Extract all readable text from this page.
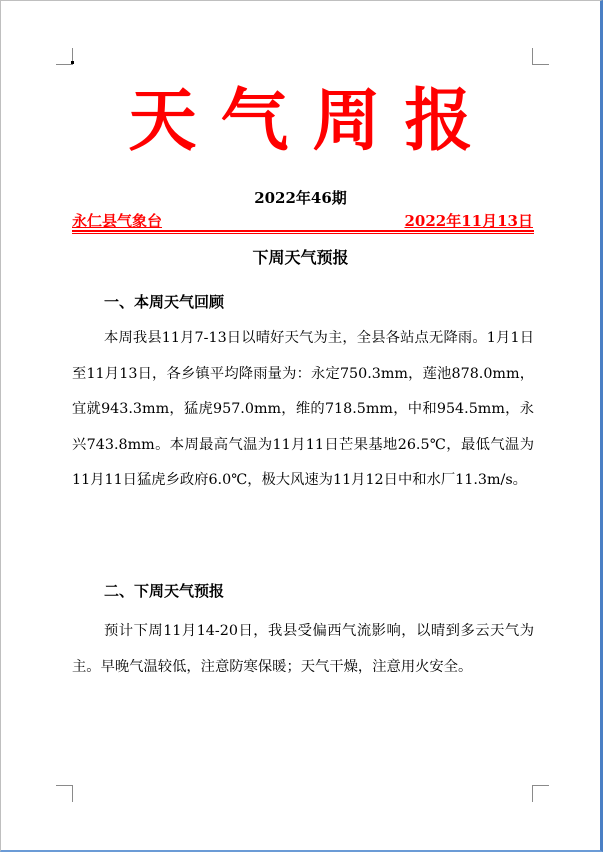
天气周报
2022年46期
永仁县气象台	2022年11月13日
下周天气预报
一、本周天气回顾

本周我县11月7-13日以晴好天气为主，全县各站点无降雨。1月1日至11月13日，各乡镇平均降雨量为：永定750.3mm，莲池878.0mm，宜就943.3mm，猛虎957.0mm，维的718.5mm，中和954.5mm，永兴743.8mm。本周最高气温为11月11日芒果基地26.5℃，最低气温为11月11日猛虎乡政府6.0℃，极大风速为11月12日中和水厂11.3m/s。

二、下周天气预报

预计下周11月14-20日，我县受偏西气流影响，以晴到多云天气为主。早晚气温较低，注意防寒保暖；天气干燥，注意用火安全。
